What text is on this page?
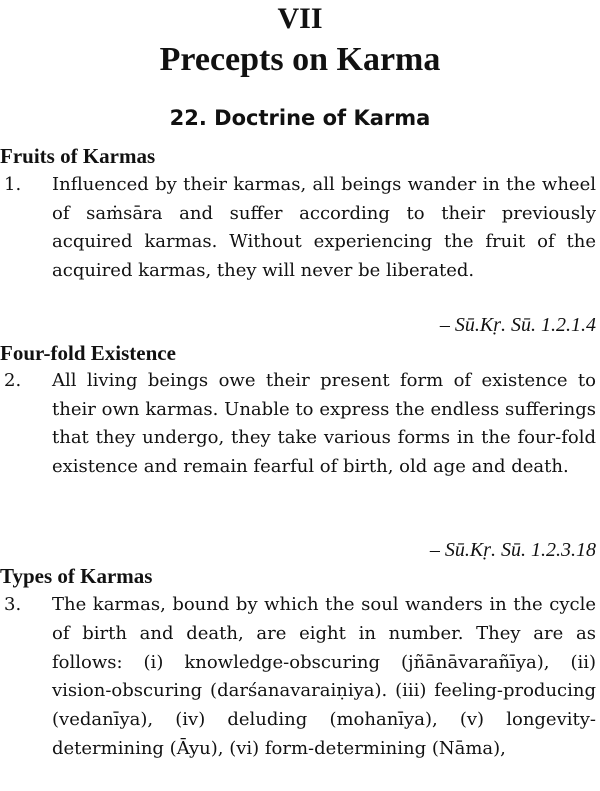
VII
Precepts on Karma
22. Doctrine of Karma
Fruits of Karmas
1.	Influenced by their karmas, all beings wander in the wheel of saṁsāra and suffer according to their previously acquired karmas. Without experiencing the fruit of the acquired karmas, they will never be liberated.
– Sū.Kṛ. Sū. 1.2.1.4
Four-fold Existence
2.	All living beings owe their present form of existence to their own karmas. Unable to express the endless sufferings that they undergo, they take various forms in the four-fold existence and remain fearful of birth, old age and death.
– Sū.Kṛ. Sū. 1.2.3.18
Types of Karmas
3.	The karmas, bound by which the soul wanders in the cycle of birth and death, are eight in number. They are as follows: (i) knowledge-obscuring (jñānāvarañīya), (ii) vision-obscuring (darśanavaraiṇiya). (iii) feeling-producing (vedanīya), (iv) deluding (mohanīya), (v) longevity-determining (Āyu), (vi) form-determining (Nāma),
